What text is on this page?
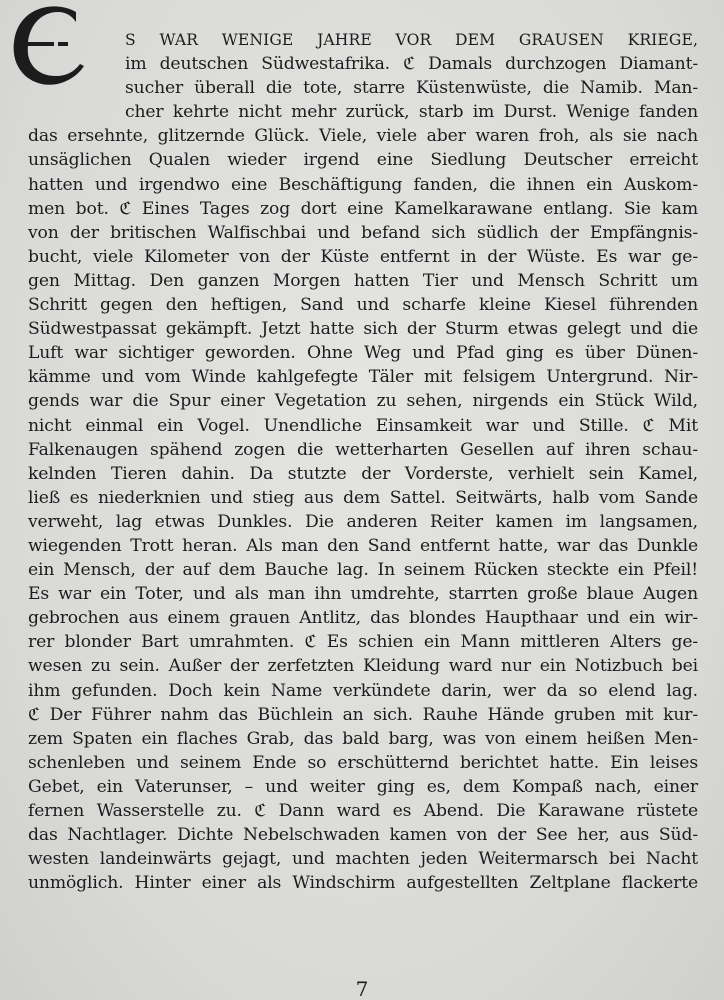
S WAR WENIGE JAHRE VOR DEM GRAUSEN KRIEGE,
im deutschen Südwestafrika. ℭ Damals durchzogen Diamant-
sucher überall die tote, starre Küstenwüste, die Namib. Man-
cher kehrte nicht mehr zurück, starb im Durst. Wenige fanden
das ersehnte, glitzernde Glück. Viele, viele aber waren froh, als sie nach
unsäglichen Qualen wieder irgend eine Siedlung Deutscher erreicht
hatten und irgendwo eine Beschäftigung fanden, die ihnen ein Auskom-
men bot. ℭ Eines Tages zog dort eine Kamelkarawane entlang. Sie kam
von der britischen Walfischbai und befand sich südlich der Empfängnis-
bucht, viele Kilometer von der Küste entfernt in der Wüste. Es war ge-
gen Mittag. Den ganzen Morgen hatten Tier und Mensch Schritt um
Schritt gegen den heftigen, Sand und scharfe kleine Kiesel führenden
Südwestpassat gekämpft. Jetzt hatte sich der Sturm etwas gelegt und die
Luft war sichtiger geworden. Ohne Weg und Pfad ging es über Dünen-
kämme und vom Winde kahlgefegte Täler mit felsigem Untergrund. Nir-
gends war die Spur einer Vegetation zu sehen, nirgends ein Stück Wild,
nicht einmal ein Vogel. Unendliche Einsamkeit war und Stille. ℭ Mit
Falkenaugen spähend zogen die wetterharten Gesellen auf ihren schau-
kelnden Tieren dahin. Da stutzte der Vorderste, verhielt sein Kamel,
ließ es niederknien und stieg aus dem Sattel. Seitwärts, halb vom Sande
verweht, lag etwas Dunkles. Die anderen Reiter kamen im langsamen,
wiegenden Trott heran. Als man den Sand entfernt hatte, war das Dunkle
ein Mensch, der auf dem Bauche lag. In seinem Rücken steckte ein Pfeil!
Es war ein Toter, und als man ihn umdrehte, starrten große blaue Augen
gebrochen aus einem grauen Antlitz, das blondes Haupthaar und ein wir-
rer blonder Bart umrahmten. ℭ Es schien ein Mann mittleren Alters ge-
wesen zu sein. Außer der zerfetzten Kleidung ward nur ein Notizbuch bei
ihm gefunden. Doch kein Name verkündete darin, wer da so elend lag.
ℭ Der Führer nahm das Büchlein an sich. Rauhe Hände gruben mit kur-
zem Spaten ein flaches Grab, das bald barg, was von einem heißen Men-
schenleben und seinem Ende so erschütternd berichtet hatte. Ein leises
Gebet, ein Vaterunser, – und weiter ging es, dem Kompaß nach, einer
fernen Wasserstelle zu. ℭ Dann ward es Abend. Die Karawane rüstete
das Nachtlager. Dichte Nebelschwaden kamen von der See her, aus Süd-
westen landeinwärts gejagt, und machten jeden Weitermarsch bei Nacht
unmöglich. Hinter einer als Windschirm aufgestellten Zeltplane flackerte
7
